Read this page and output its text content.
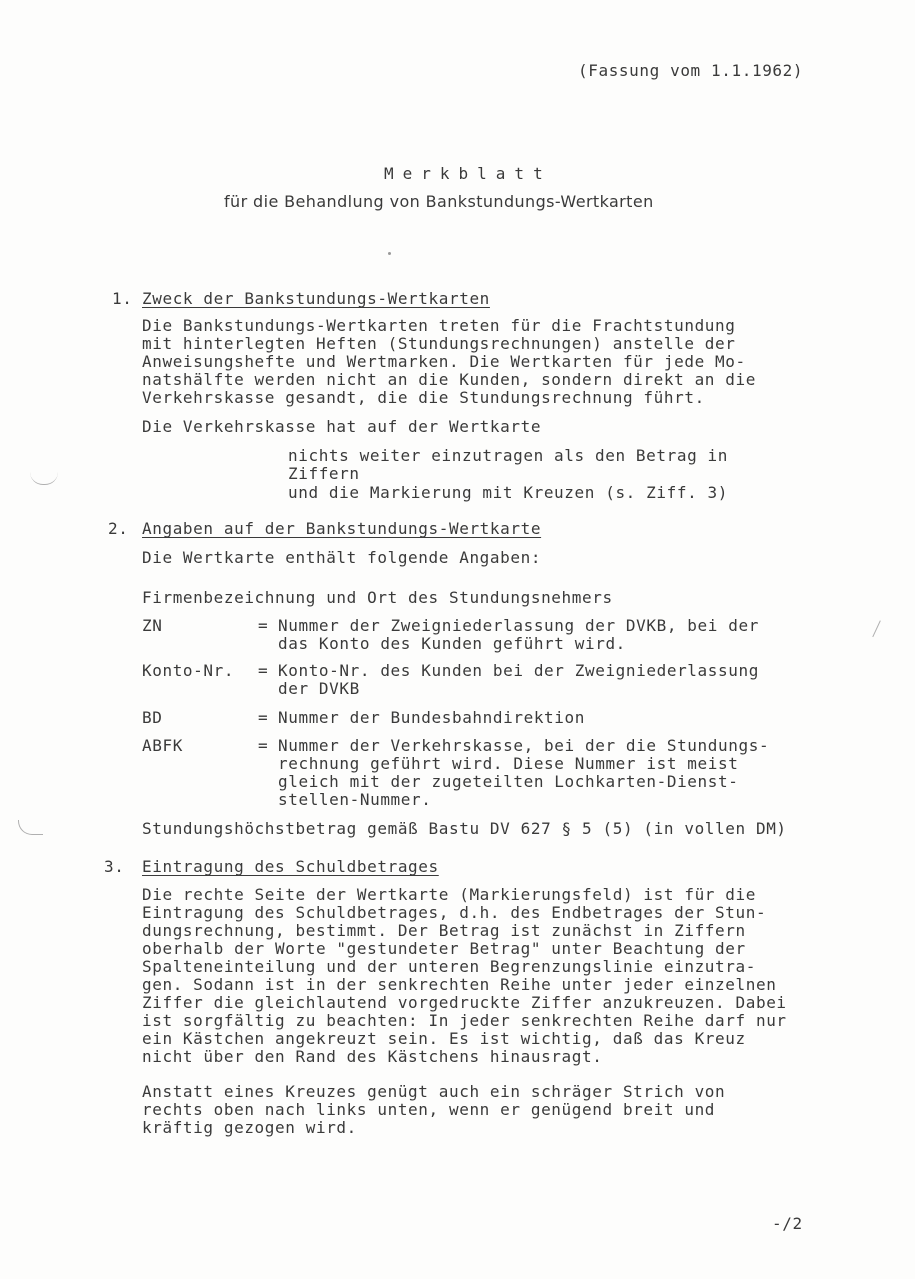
(Fassung vom 1.1.1962)
Merkblatt
für die Behandlung von Bankstundungs-Wertkarten
1. Zweck der Bankstundungs-Wertkarten
Die Bankstundungs-Wertkarten treten für die Frachtstundung
mit hinterlegten Heften (Stundungsrechnungen) anstelle der
Anweisungshefte und Wertmarken. Die Wertkarten für jede Mo-
natshälfte werden nicht an die Kunden, sondern direkt an die
Verkehrskasse gesandt, die die Stundungsrechnung führt.
Die Verkehrskasse hat auf der Wertkarte
nichts weiter einzutragen als den Betrag in
Ziffern
und die Markierung mit Kreuzen (s. Ziff. 3)
2. Angaben auf der Bankstundungs-Wertkarte
Die Wertkarte enthält folgende Angaben:
Firmenbezeichnung und Ort des Stundungsnehmers
ZN	= Nummer der Zweigniederlassung der DVKB, bei der
das Konto des Kunden geführt wird.
Konto-Nr. = Konto-Nr. des Kunden bei der Zweigniederlassung
der DVKB
BD	= Nummer der Bundesbahndirektion
ABFK	= Nummer der Verkehrskasse, bei der die Stundungs-
rechnung geführt wird. Diese Nummer ist meist
gleich mit der zugeteilten Lochkarten-Dienst-
stellen-Nummer.
Stundungshöchstbetrag gemäß Bastu DV 627 § 5 (5) (in vollen DM)
3. Eintragung des Schuldbetrages
Die rechte Seite der Wertkarte (Markierungsfeld) ist für die
Eintragung des Schuldbetrages, d.h. des Endbetrages der Stun-
dungsrechnung, bestimmt. Der Betrag ist zunächst in Ziffern
oberhalb der Worte "gestundeter Betrag" unter Beachtung der
Spalteneinteilung und der unteren Begrenzungslinie einzutra-
gen. Sodann ist in der senkrechten Reihe unter jeder einzelnen
Ziffer die gleichlautend vorgedruckte Ziffer anzukreuzen. Dabei
ist sorgfältig zu beachten: In jeder senkrechten Reihe darf nur
ein Kästchen angekreuzt sein. Es ist wichtig, daß das Kreuz
nicht über den Rand des Kästchens hinausragt.
Anstatt eines Kreuzes genügt auch ein schräger Strich von
rechts oben nach links unten, wenn er genügend breit und
kräftig gezogen wird.
-/2
